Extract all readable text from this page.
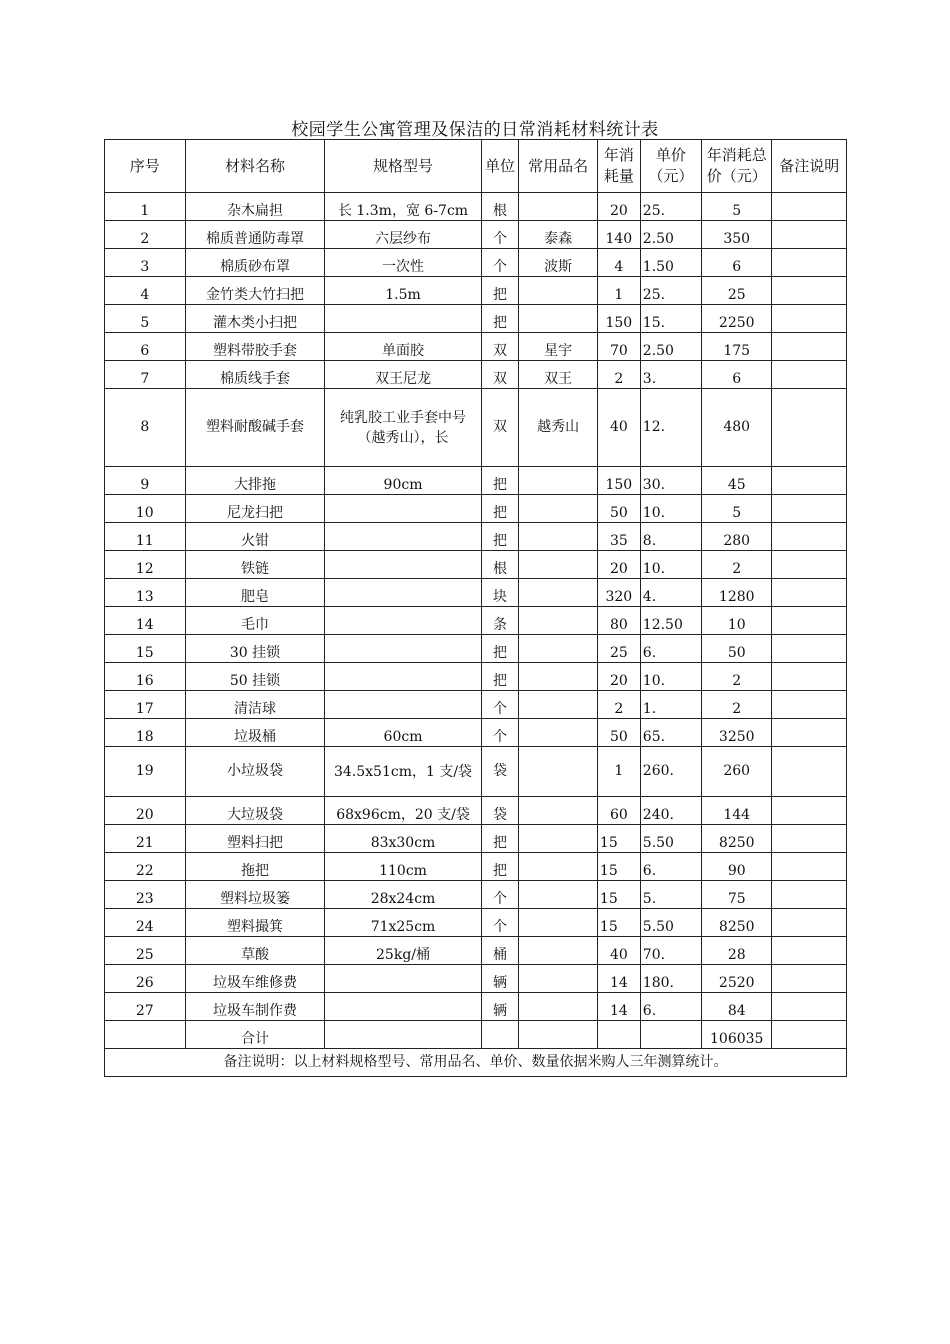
校园学生公寓管理及保洁的日常消耗材料统计表
序号	材料名称	规格型号	单位	常用品名	年消耗量	单价（元）	年消耗总价（元）	备注说明
1	杂木扁担	长 1.3m，宽 6-7cm	根		20	25.	5	
2	棉质普通防毒罩	六层纱布	个	泰森	140	2.50	350	
3	棉质砂布罩	一次性	个	波斯	4	1.50	6	
4	金竹类大竹扫把	1.5m	把		1	25.	25	
5	灌木类小扫把		把		150	15.	2250	
6	塑料带胶手套	单面胶	双	星宇	70	2.50	175	
7	棉质线手套	双王尼龙	双	双王	2	3.	6	
8	塑料耐酸碱手套	纯乳胶工业手套中号（越秀山），长	双	越秀山	40	12.	480	
9	大排拖	90cm	把		150	30.	45	
10	尼龙扫把		把		50	10.	5	
11	火钳		把		35	8.	280	
12	铁链		根		20	10.	2	
13	肥皂		块		320	4.	1280	
14	毛巾		条		80	12.50	10	
15	30 挂锁		把		25	6.	50	
16	50 挂锁		把		20	10.	2	
17	清洁球		个		2	1.	2	
18	垃圾桶	60cm	个		50	65.	3250	
19	小垃圾袋	34.5x51cm，1 支/袋	袋		1	260.	260	
20	大垃圾袋	68x96cm，20 支/袋	袋		60	240.	144	
21	塑料扫把	83x30cm	把		15	5.50	8250	
22	拖把	110cm	把		15	6.	90	
23	塑料垃圾篓	28x24cm	个		15	5.	75	
24	塑料撮箕	71x25cm	个		15	5.50	8250	
25	草酸	25kg/桶	桶		40	70.	28	
26	垃圾车维修费		辆		14	180.	2520	
27	垃圾车制作费		辆		14	6.	84	
	合计						106035	
备注说明：以上材料规格型号、常用品名、单价、数量依据米购人三年测算统计。								
